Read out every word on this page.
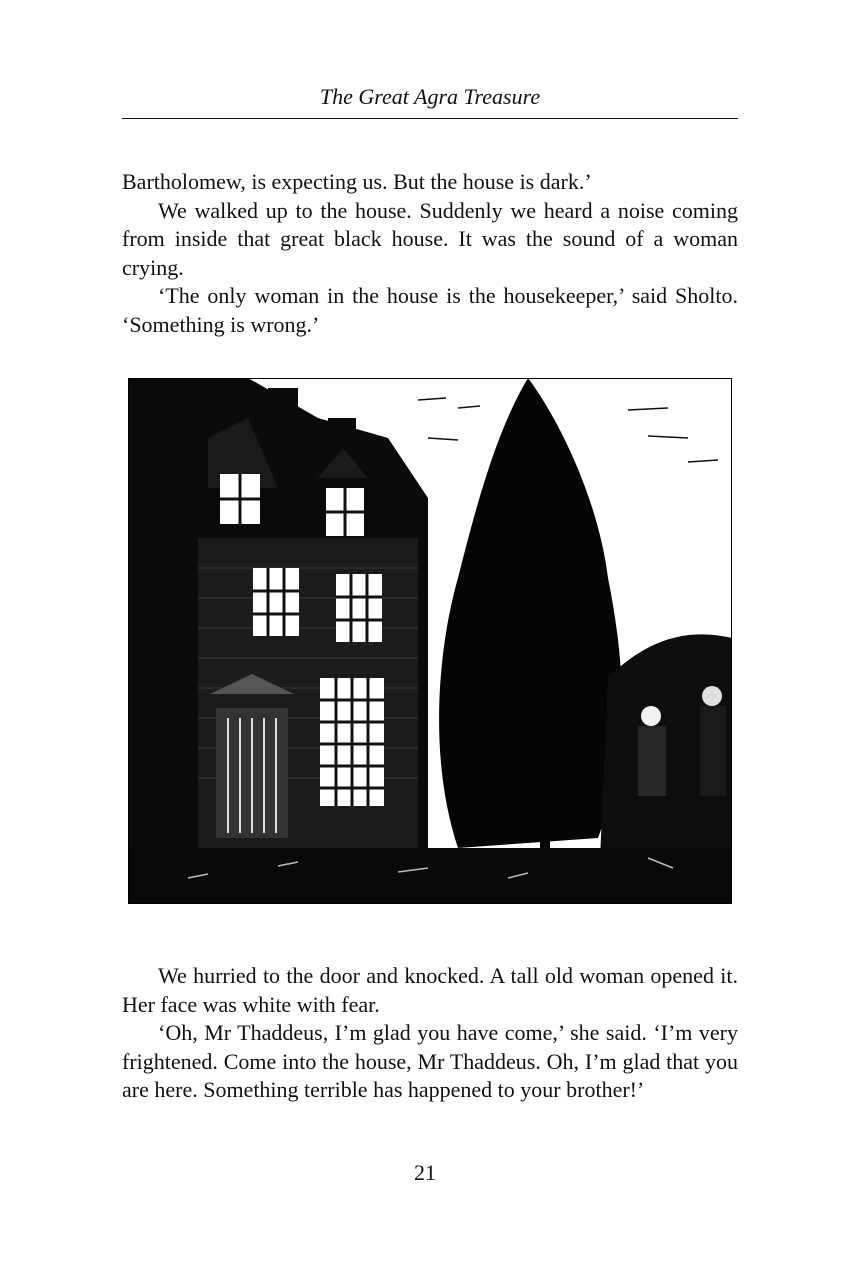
The Great Agra Treasure

Bartholomew, is expecting us. But the house is dark.’

We walked up to the house. Suddenly we heard a noise coming from inside that great black house. It was the sound of a woman crying.

‘The only woman in the house is the housekeeper,’ said Sholto. ‘Something is wrong.’

We hurried to the door and knocked. A tall old woman opened it. Her face was white with fear.

‘Oh, Mr Thaddeus, I’m glad you have come,’ she said. ‘I’m very frightened. Come into the house, Mr Thaddeus. Oh, I’m glad that you are here. Something terrible has happened to your brother!’

21
